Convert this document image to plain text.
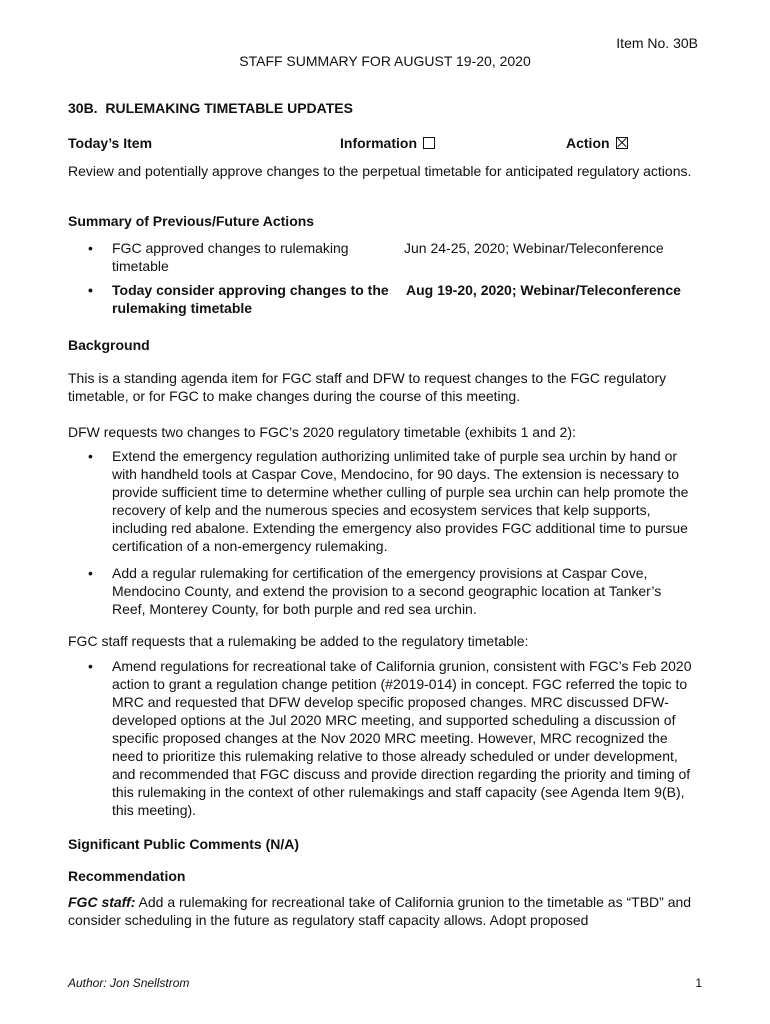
Item No. 30B
STAFF SUMMARY FOR AUGUST 19-20, 2020
30B.  RULEMAKING TIMETABLE UPDATES
Today’s Item	Information	Action
Review and potentially approve changes to the perpetual timetable for anticipated regulatory actions.
Summary of Previous/Future Actions
•	FGC approved changes to rulemaking timetable
Jun 24-25, 2020; Webinar/Teleconference
•	Today consider approving changes to the rulemaking timetable
Aug 19-20, 2020; Webinar/Teleconference
Background
This is a standing agenda item for FGC staff and DFW to request changes to the FGC regulatory timetable, or for FGC to make changes during the course of this meeting.
DFW requests two changes to FGC’s 2020 regulatory timetable (exhibits 1 and 2):
•	Extend the emergency regulation authorizing unlimited take of purple sea urchin by hand or with handheld tools at Caspar Cove, Mendocino, for 90 days. The extension is necessary to provide sufficient time to determine whether culling of purple sea urchin can help promote the recovery of kelp and the numerous species and ecosystem services that kelp supports, including red abalone. Extending the emergency also provides FGC additional time to pursue certification of a non-emergency rulemaking.
•	Add a regular rulemaking for certification of the emergency provisions at Caspar Cove, Mendocino County, and extend the provision to a second geographic location at Tanker’s Reef, Monterey County, for both purple and red sea urchin.
FGC staff requests that a rulemaking be added to the regulatory timetable:
•	Amend regulations for recreational take of California grunion, consistent with FGC’s Feb 2020 action to grant a regulation change petition (#2019-014) in concept. FGC referred the topic to MRC and requested that DFW develop specific proposed changes. MRC discussed DFW-developed options at the Jul 2020 MRC meeting, and supported scheduling a discussion of specific proposed changes at the Nov 2020 MRC meeting. However, MRC recognized the need to prioritize this rulemaking relative to those already scheduled or under development, and recommended that FGC discuss and provide direction regarding the priority and timing of this rulemaking in the context of other rulemakings and staff capacity (see Agenda Item 9(B), this meeting).
Significant Public Comments (N/A)
Recommendation
FGC staff: Add a rulemaking for recreational take of California grunion to the timetable as “TBD” and consider scheduling in the future as regulatory staff capacity allows. Adopt proposed
Author: Jon Snellstrom	1
